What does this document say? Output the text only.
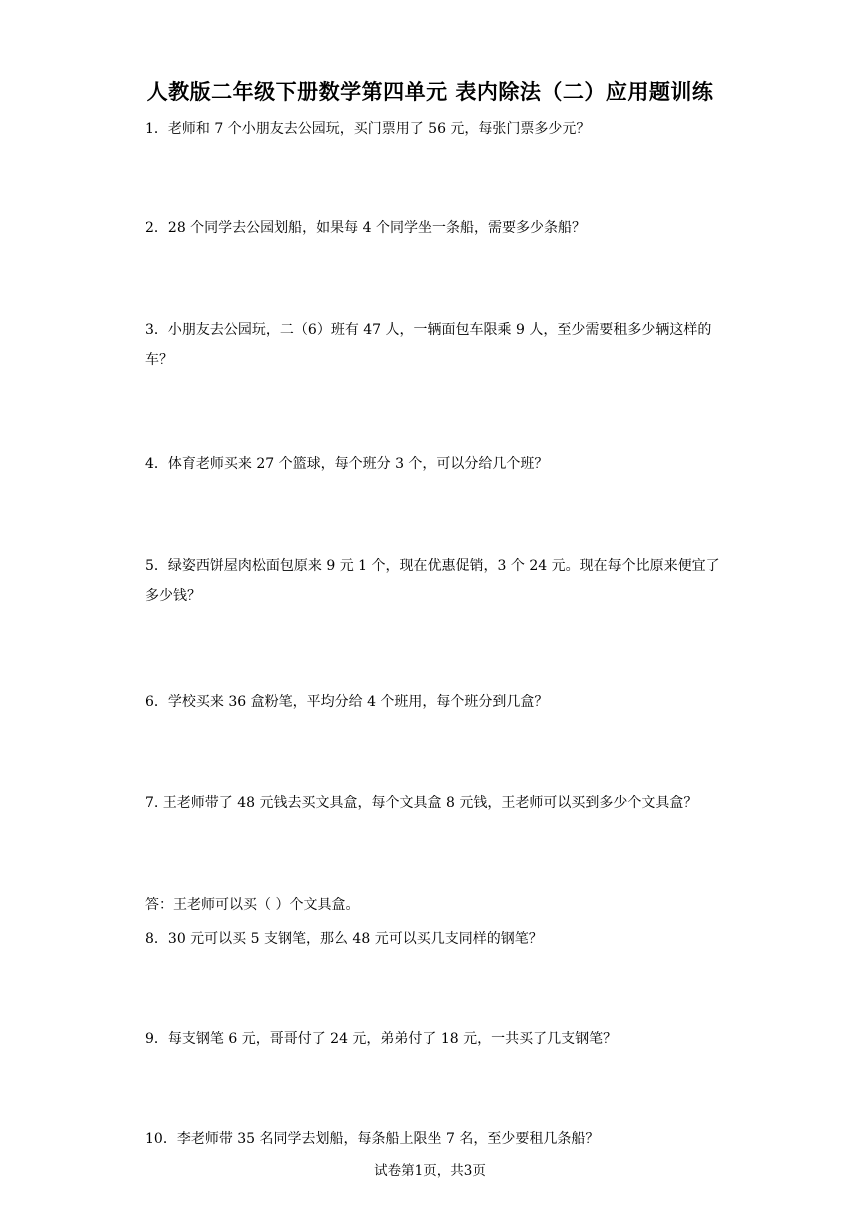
人教版二年级下册数学第四单元 表内除法（二）应用题训练
1．老师和 7 个小朋友去公园玩，买门票用了 56 元，每张门票多少元？
2．28 个同学去公园划船，如果每 4 个同学坐一条船，需要多少条船？
3．小朋友去公园玩，二（6）班有 47 人，一辆面包车限乘 9 人，至少需要租多少辆这样的车？
4．体育老师买来 27 个篮球，每个班分 3 个，可以分给几个班？
5．绿姿西饼屋肉松面包原来 9 元 1 个，现在优惠促销，3 个 24 元。现在每个比原来便宜了多少钱？
6．学校买来 36 盒粉笔，平均分给 4 个班用，每个班分到几盒？
7. 王老师带了 48 元钱去买文具盒，每个文具盒 8 元钱，王老师可以买到多少个文具盒？
答：王老师可以买（ ）个文具盒。
8．30 元可以买 5 支钢笔，那么 48 元可以买几支同样的钢笔？
9．每支钢笔 6 元，哥哥付了 24 元，弟弟付了 18 元，一共买了几支钢笔？
10．李老师带 35 名同学去划船，每条船上限坐 7 名，至少要租几条船？
试卷第1页，共3页
